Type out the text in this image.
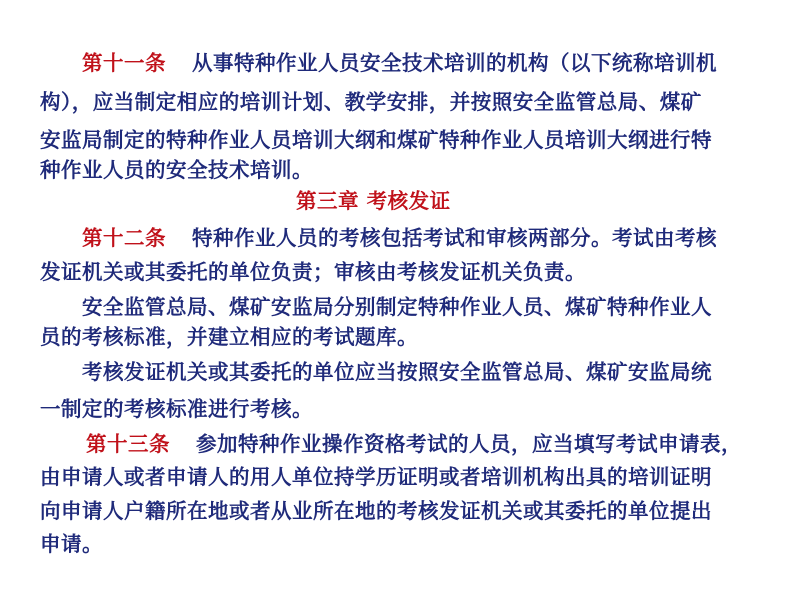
第十一条 从事特种作业人员安全技术培训的机构（以下统称培训机
构），应当制定相应的培训计划、教学安排，并按照安全监管总局、煤矿
安监局制定的特种作业人员培训大纲和煤矿特种作业人员培训大纲进行特
种作业人员的安全技术培训。
第三章 考核发证
第十二条 特种作业人员的考核包括考试和审核两部分。考试由考核
发证机关或其委托的单位负责；审核由考核发证机关负责。
安全监管总局、煤矿安监局分别制定特种作业人员、煤矿特种作业人
员的考核标准，并建立相应的考试题库。
考核发证机关或其委托的单位应当按照安全监管总局、煤矿安监局统
一制定的考核标准进行考核。
第十三条 参加特种作业操作资格考试的人员，应当填写考试申请表，
由申请人或者申请人的用人单位持学历证明或者培训机构出具的培训证明
向申请人户籍所在地或者从业所在地的考核发证机关或其委托的单位提出
申请。
